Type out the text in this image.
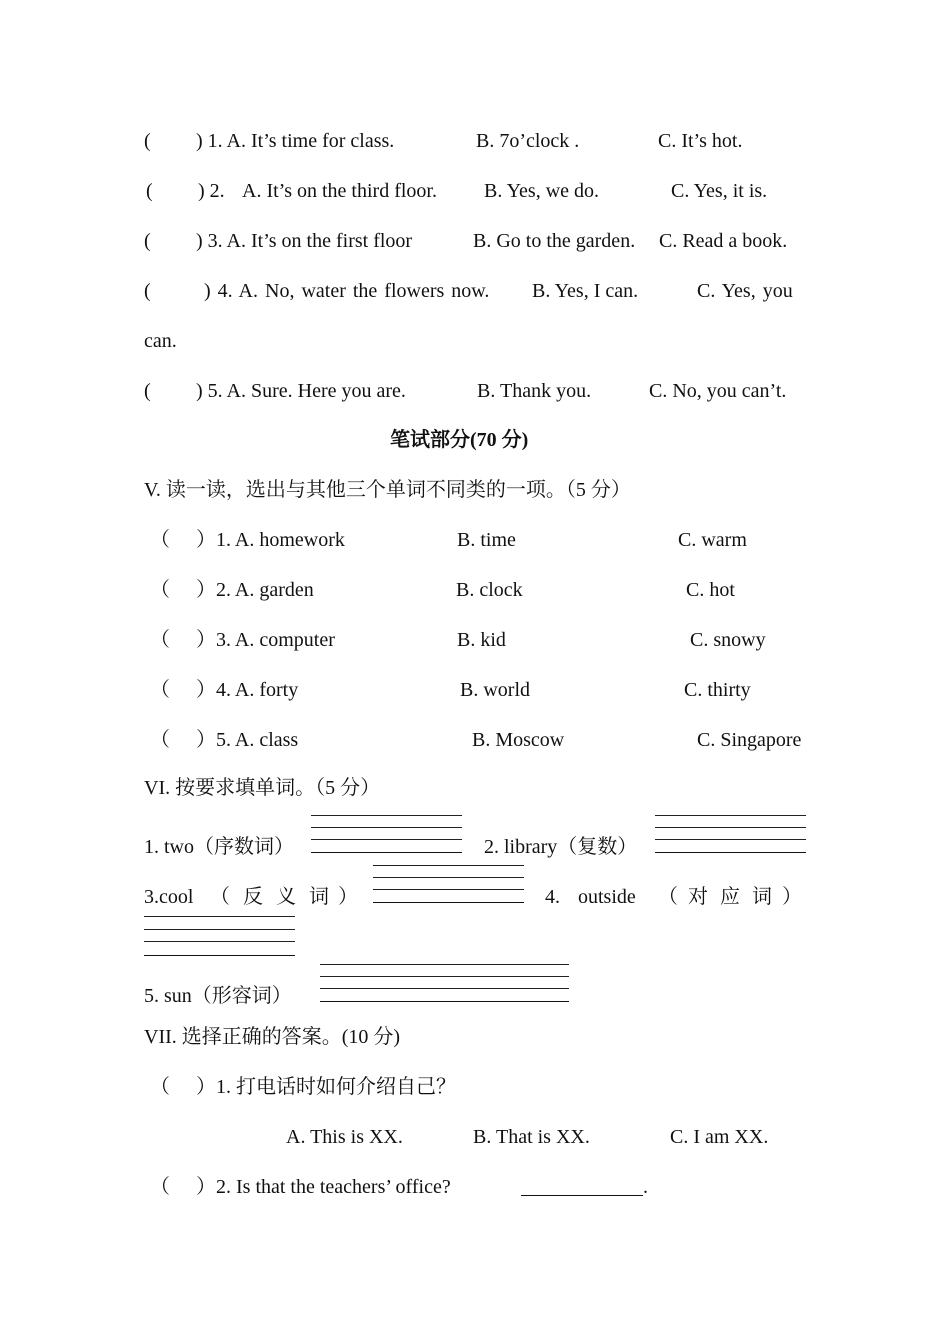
( ) 1. A. It’s time for class.	B. 7o’clock .	C. It’s hot.
( ) 2. A. It’s on the third floor. B. Yes, we do.	C. Yes, it is.
( ) 3. A. It’s on the first floor	B. Go to the garden. C. Read a book.
(	) 4. A. No, water the flowers now. B. Yes, I can.	C. Yes, you
can.
( ) 5. A. Sure. Here you are.	B. Thank you.	C. No, you can’t.
笔试部分(70 分)
V. 读一读，选出与其他三个单词不同类的一项。（5 分）
（ ）1. A. homework	B. time	C. warm
（ ）2. A. garden	B. clock	C. hot
（ ）3. A. computer	B. kid	C. snowy
（ ）4. A. forty	B. world	C. thirty
（ ）5. A. class	B. Moscow	C. Singapore
VI. 按要求填单词。（5 分）
1. two（序数词）	2. library（复数）
3.cool （ 反 义 词 ）	4. outside （ 对 应 词 ）
5. sun（形容词）
VII. 选择正确的答案。(10 分)
（ ）1. 打电话时如何介绍自己？
A. This is XX.	B. That is XX.	C. I am XX.
（ ）2. Is that the teachers’ office?	.
